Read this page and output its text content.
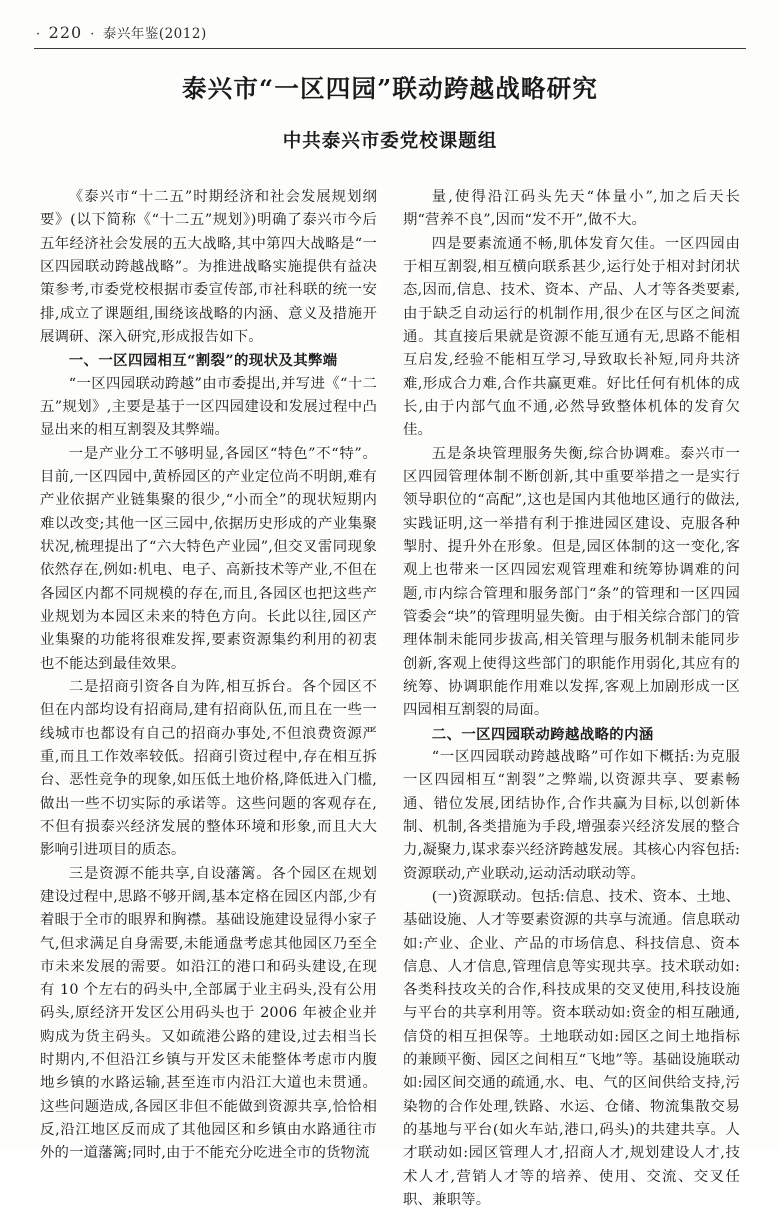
· 220 · 泰兴年鉴(2012)
泰兴市“一区四园”联动跨越战略研究
中共泰兴市委党校课题组

《泰兴市“十二五”时期经济和社会发展规划纲要》(以下简称《“十二五”规划》)明确了泰兴市今后五年经济社会发展的五大战略,其中第四大战略是“一区四园联动跨越战略”。为推进战略实施提供有益决策参考,市委党校根据市委宣传部,市社科联的统一安排,成立了课题组,围绕该战略的内涵、意义及措施开展调研、深入研究,形成报告如下。

一、一区四园相互“割裂”的现状及其弊端

“一区四园联动跨越”由市委提出,并写进《“十二五”规划》,主要是基于一区四园建设和发展过程中凸显出来的相互割裂及其弊端。

一是产业分工不够明显,各园区“特色”不“特”。目前,一区四园中,黄桥园区的产业定位尚不明朗,难有产业依据产业链集聚的很少,“小而全”的现状短期内难以改变;其他一区三园中,依据历史形成的产业集聚状况,梳理提出了“六大特色产业园”,但交叉雷同现象依然存在,例如:机电、电子、高新技术等产业,不但在各园区内都不同规模的存在,而且,各园区也把这些产业规划为本园区未来的特色方向。长此以往,园区产业集聚的功能将很难发挥,要素资源集约利用的初衷也不能达到最佳效果。

二是招商引资各自为阵,相互拆台。各个园区不但在内部均设有招商局,建有招商队伍,而且在一些一线城市也都设有自己的招商办事处,不但浪费资源严重,而且工作效率较低。招商引资过程中,存在相互拆台、恶性竞争的现象,如压低土地价格,降低进入门槛,做出一些不切实际的承诺等。这些问题的客观存在,不但有损泰兴经济发展的整体环境和形象,而且大大影响引进项目的质态。

三是资源不能共享,自设藩篱。各个园区在规划建设过程中,思路不够开阔,基本定格在园区内部,少有着眼于全市的眼界和胸襟。基础设施建设显得小家子气,但求满足自身需要,未能通盘考虑其他园区乃至全市未来发展的需要。如沿江的港口和码头建设,在现有 10 个左右的码头中,全部属于业主码头,没有公用码头,原经济开发区公用码头也于 2006 年被企业并购成为货主码头。又如疏港公路的建设,过去相当长时期内,不但沿江乡镇与开发区未能整体考虑市内腹地乡镇的水路运输,甚至连市内沿江大道也未贯通。这些问题造成,各园区非但不能做到资源共享,恰恰相反,沿江地区反而成了其他园区和乡镇由水路通往市外的一道藩篱;同时,由于不能充分吃进全市的货物流

量,使得沿江码头先天“体量小”,加之后天长期“营养不良”,因而“发不开”,做不大。

四是要素流通不畅,肌体发育欠佳。一区四园由于相互割裂,相互横向联系甚少,运行处于相对封闭状态,因而,信息、技术、资本、产品、人才等各类要素,由于缺乏自动运行的机制作用,很少在区与区之间流通。其直接后果就是资源不能互通有无,思路不能相互启发,经验不能相互学习,导致取长补短,同舟共济难,形成合力难,合作共赢更难。好比任何有机体的成长,由于内部气血不通,必然导致整体机体的发育欠佳。

五是条块管理服务失衡,综合协调难。泰兴市一区四园管理体制不断创新,其中重要举措之一是实行领导职位的“高配”,这也是国内其他地区通行的做法,实践证明,这一举措有利于推进园区建设、克服各种掣肘、提升外在形象。但是,园区体制的这一变化,客观上也带来一区四园宏观管理难和统筹协调难的问题,市内综合管理和服务部门“条”的管理和一区四园管委会“块”的管理明显失衡。由于相关综合部门的管理体制未能同步拔高,相关管理与服务机制未能同步创新,客观上使得这些部门的职能作用弱化,其应有的统筹、协调职能作用难以发挥,客观上加剧形成一区四园相互割裂的局面。

二、一区四园联动跨越战略的内涵

“一区四园联动跨越战略”可作如下概括:为克服一区四园相互“割裂”之弊端,以资源共享、要素畅通、错位发展,团结协作,合作共赢为目标,以创新体制、机制,各类措施为手段,增强泰兴经济发展的整合力,凝聚力,谋求泰兴经济跨越发展。其核心内容包括:资源联动,产业联动,运动活动联动等。

(一)资源联动。包括:信息、技术、资本、土地、基础设施、人才等要素资源的共享与流通。信息联动如:产业、企业、产品的市场信息、科技信息、资本信息、人才信息,管理信息等实现共享。技术联动如:各类科技攻关的合作,科技成果的交叉使用,科技设施与平台的共享利用等。资本联动如:资金的相互融通,信贷的相互担保等。土地联动如:园区之间土地指标的兼顾平衡、园区之间相互“飞地”等。基础设施联动如:园区间交通的疏通,水、电、气的区间供给支持,污染物的合作处理,铁路、水运、仓储、物流集散交易的基地与平台(如火车站,港口,码头)的共建共享。人才联动如:园区管理人才,招商人才,规划建设人才,技术人才,营销人才等的培养、使用、交流、交叉任职、兼职等。
